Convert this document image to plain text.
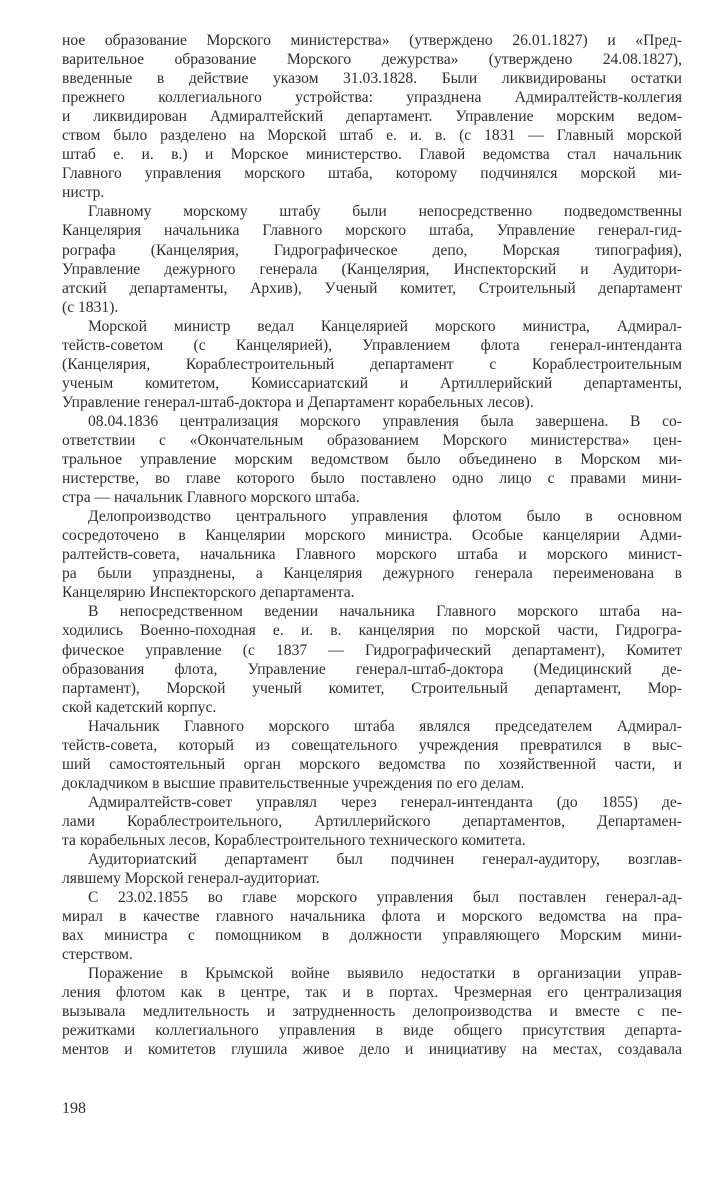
ное образование Морского министерства» (утверждено 26.01.1827) и «Пред-
варительное образование Морского дежурства» (утверждено 24.08.1827),
введенные в действие указом 31.03.1828. Были ликвидированы остатки
прежнего коллегиального устройства: упразднена Адмиралтейств-коллегия
и ликвидирован Адмиралтейский департамент. Управление морским ведом-
ством было разделено на Морской штаб е. и. в. (с 1831 — Главный морской
штаб е. и. в.) и Морское министерство. Главой ведомства стал начальник
Главного управления морского штаба, которому подчинялся морской ми-
нистр.
Главному морскому штабу были непосредственно подведомственны
Канцелярия начальника Главного морского штаба, Управление генерал-гид-
рографа (Канцелярия, Гидрографическое депо, Морская типография),
Управление дежурного генерала (Канцелярия, Инспекторский и Аудитори-
атский департаменты, Архив), Ученый комитет, Строительный департамент
(с 1831).
Морской министр ведал Канцелярией морского министра, Адмирал-
тейств-советом (с Канцелярией), Управлением флота генерал-интенданта
(Канцелярия, Кораблестроительный департамент с Кораблестроительным
ученым комитетом, Комиссариатский и Артиллерийский департаменты,
Управление генерал-штаб-доктора и Департамент корабельных лесов).
08.04.1836 централизация морского управления была завершена. В со-
ответствии с «Окончательным образованием Морского министерства» цен-
тральное управление морским ведомством было объединено в Морском ми-
нистерстве, во главе которого было поставлено одно лицо с правами мини-
стра — начальник Главного морского штаба.
Делопроизводство центрального управления флотом было в основном
сосредоточено в Канцелярии морского министра. Особые канцелярии Адми-
ралтейств-совета, начальника Главного морского штаба и морского минист-
ра были упразднены, а Канцелярия дежурного генерала переименована в
Канцелярию Инспекторского департамента.
В непосредственном ведении начальника Главного морского штаба на-
ходились Военно-походная е. и. в. канцелярия по морской части, Гидрогра-
фическое управление (с 1837 — Гидрографический департамент), Комитет
образования флота, Управление генерал-штаб-доктора (Медицинский де-
партамент), Морской ученый комитет, Строительный департамент, Мор-
ской кадетский корпус.
Начальник Главного морского штаба являлся председателем Адмирал-
тейств-совета, который из совещательного учреждения превратился в выс-
ший самостоятельный орган морского ведомства по хозяйственной части, и
докладчиком в высшие правительственные учреждения по его делам.
Адмиралтейств-совет управлял через генерал-интенданта (до 1855) де-
лами Кораблестроительного, Артиллерийского департаментов, Департамен-
та корабельных лесов, Кораблестроительного технического комитета.
Аудиториатский департамент был подчинен генерал-аудитору, возглав-
лявшему Морской генерал-аудиториат.
С 23.02.1855 во главе морского управления был поставлен генерал-ад-
мирал в качестве главного начальника флота и морского ведомства на пра-
вах министра с помощником в должности управляющего Морским мини-
стерством.
Поражение в Крымской войне выявило недостатки в организации управ-
ления флотом как в центре, так и в портах. Чрезмерная его централизация
вызывала медлительность и затрудненность делопроизводства и вместе с пе-
режитками коллегиального управления в виде общего присутствия департа-
ментов и комитетов глушила живое дело и инициативу на местах, создавала
198
